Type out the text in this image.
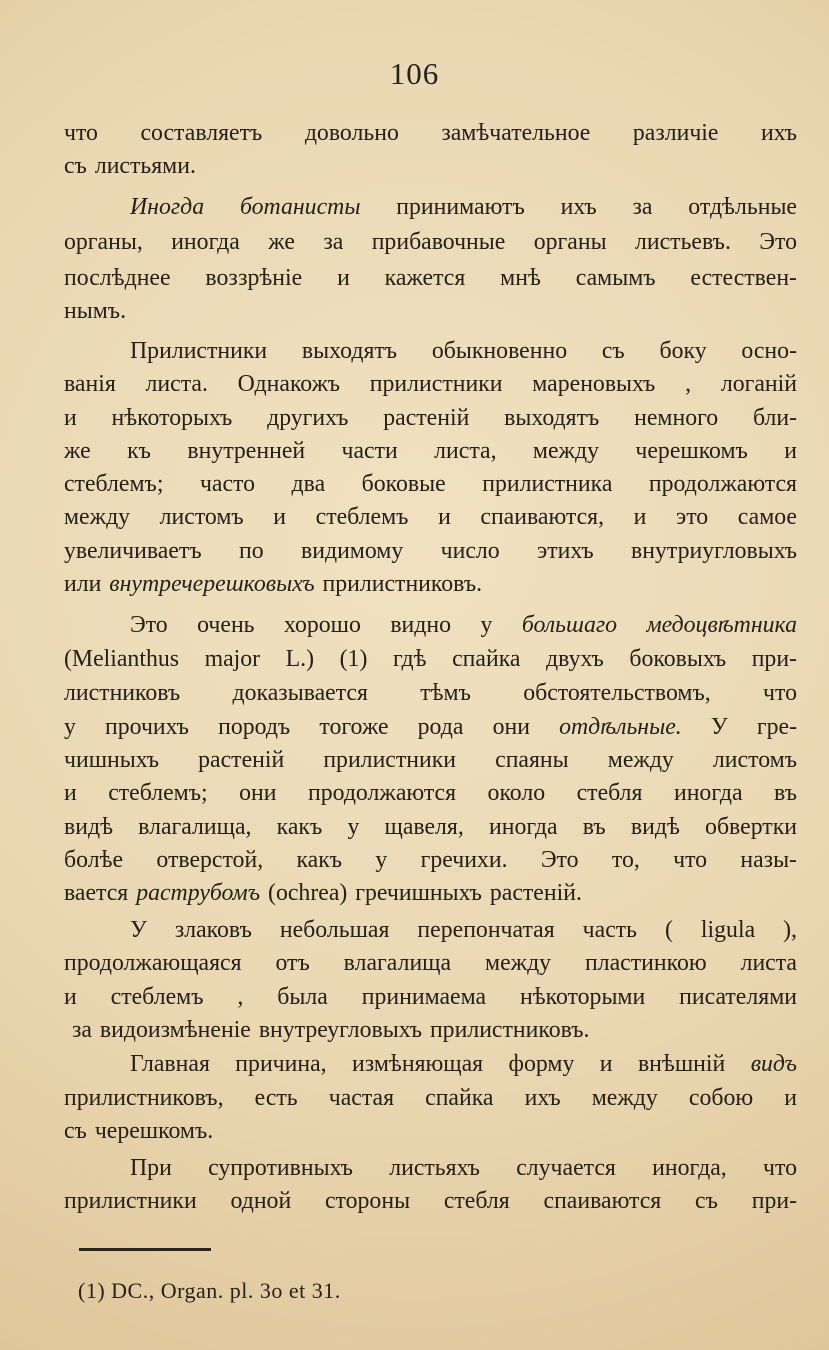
106
что составляетъ довольно замѣчательное различіе ихъ
съ листьями.
Иногда ботанисты принимаютъ ихъ за отдѣльные
органы, иногда же за прибавочные органы листьевъ. Это
послѣднее воззрѣніе и кажется мнѣ самымъ естествен-
нымъ.
Прилистники выходятъ обыкновенно съ боку осно-
ванія листа. Однакожъ прилистники мареновыхъ , логаній
и нѣкоторыхъ другихъ растеній выходятъ немного бли-
же къ внутренней части листа, между черешкомъ и
стеблемъ; часто два боковые прилистника продолжаются
между листомъ и стеблемъ и спаиваются, и это самое
увеличиваетъ по видимому число этихъ внутриугловыхъ
или внутречерешковыхъ прилистниковъ.
Это очень хорошо видно у большаго медоцвѣтника
(Melianthus major L.) (1) гдѣ спайка двухъ боковыхъ при-
листниковъ доказывается тѣмъ обстоятельствомъ, что
у прочихъ породъ тогоже рода они отдѣльные. У гре-
чишныхъ растеній прилистники спаяны между листомъ
и стеблемъ; они продолжаются около стебля иногда въ
видѣ влагалища, какъ у щавеля, иногда въ видѣ обвертки
болѣе отверстой, какъ у гречихи. Это то, что назы-
вается раструбомъ (ochrea) гречишныхъ растеній.
У злаковъ небольшая перепончатая часть ( ligula ),
продолжающаяся отъ влагалища между пластинкою листа
и стеблемъ , была принимаема нѣкоторыми писателями
за видоизмѣненіе внутреугловыхъ прилистниковъ.
Главная причина, измѣняющая форму и внѣшній видъ
прилистниковъ, есть частая спайка ихъ между собою и
съ черешкомъ.
При супротивныхъ листьяхъ случается иногда, что
прилистники одной стороны стебля спаиваются съ при-
(1) DC., Organ. pl. 3o et 31.
